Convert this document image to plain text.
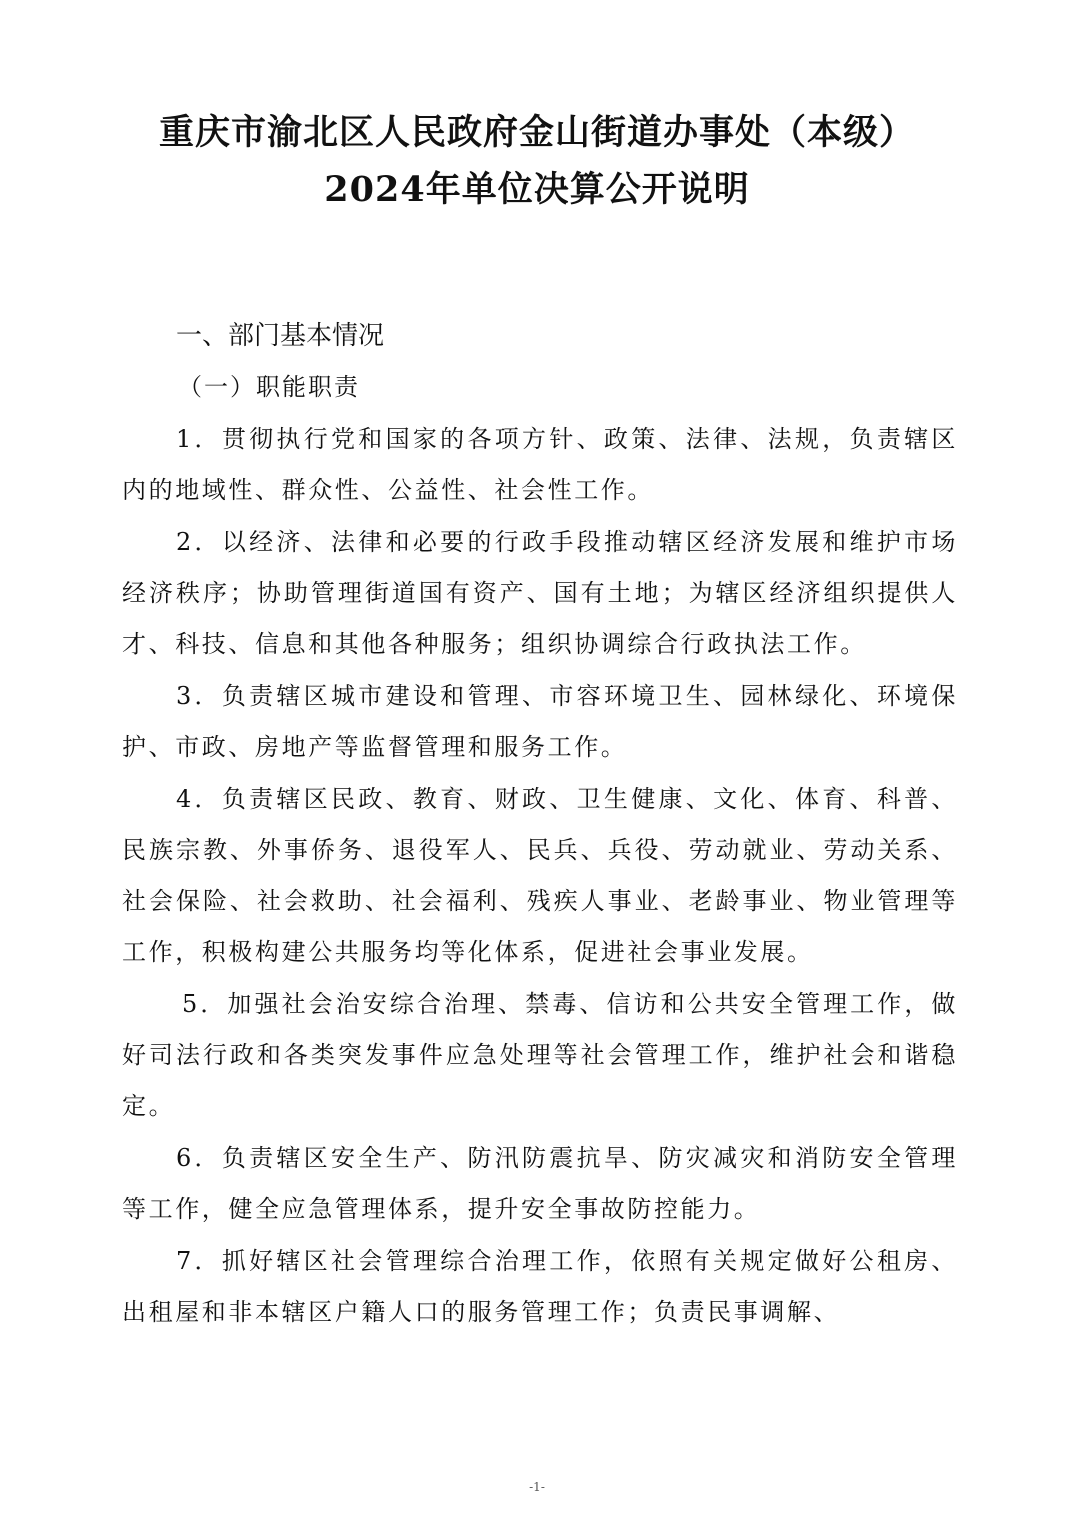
重庆市渝北区人民政府金山街道办事处（本级）
2024年单位决算公开说明
一、部门基本情况
（一）职能职责

1．贯彻执行党和国家的各项方针、政策、法律、法规，负责辖区内的地域性、群众性、公益性、社会性工作。

2．以经济、法律和必要的行政手段推动辖区经济发展和维护市场经济秩序；协助管理街道国有资产、国有土地；为辖区经济组织提供人才、科技、信息和其他各种服务；组织协调综合行政执法工作。

3．负责辖区城市建设和管理、市容环境卫生、园林绿化、环境保护、市政、房地产等监督管理和服务工作。

4．负责辖区民政、教育、财政、卫生健康、文化、体育、科普、民族宗教、外事侨务、退役军人、民兵、兵役、劳动就业、劳动关系、社会保险、社会救助、社会福利、残疾人事业、老龄事业、物业管理等工作，积极构建公共服务均等化体系，促进社会事业发展。

5．加强社会治安综合治理、禁毒、信访和公共安全管理工作，做好司法行政和各类突发事件应急处理等社会管理工作，维护社会和谐稳定。

6．负责辖区安全生产、防汛防震抗旱、防灾减灾和消防安全管理等工作，健全应急管理体系，提升安全事故防控能力。

7．抓好辖区社会管理综合治理工作，依照有关规定做好公租房、出租屋和非本辖区户籍人口的服务管理工作；负责民事调解、

-1-
